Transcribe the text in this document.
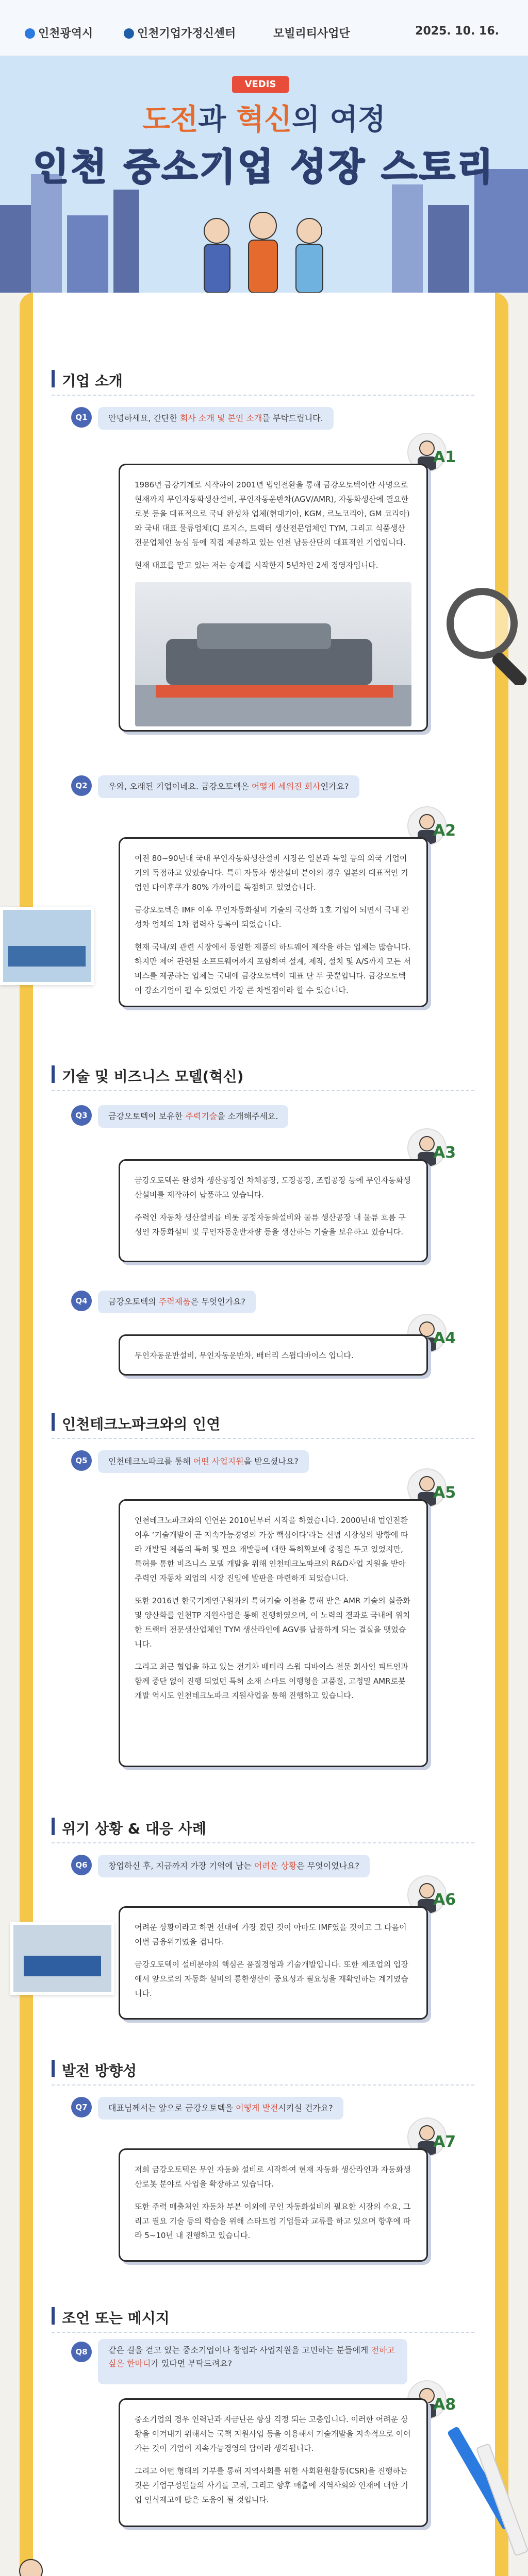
인천광역시	인천기업가정신센터	모빌리티사업단	2025. 10. 16.
VEDIS
도전과 혁신의 여정
인천 중소기업 성장 스토리
기업 소개
Q1	안녕하세요, 간단한 회사 소개 및 본인 소개를 부탁드립니다.
A1

1986년 금강기계로 시작하여 2001년 법인전환을 통해 금강오토텍이란 사명으로 현재까지 무인자동화생산설비, 무인자동운반차(AGV/AMR), 자동화생산에 필요한 로봇 등을 대표적으로 국내 완성차 업체(현대기아, KGM, 르노코리아, GM 코리아)와 국내 대표 물류업체(CJ 로지스, 트랙터 생산전문업체인 TYM, 그리고 식품생산 전문업체인 농심 등에 직접 제공하고 있는 인천 남동산단의 대표적인 기업입니다.

현재 대표를 맡고 있는 저는 승계를 시작한지 5년차인 2세 경영자입니다.

Q2	우와, 오래된 기업이네요. 금강오토텍은 어떻게 세워진 회사인가요?
A2

이전 80~90년대 국내 무인자동화생산설비 시장은 일본과 독일 등의 외국 기업이 거의 독점하고 있었습니다. 특히 자동차 생산설비 분야의 경우 일본의 대표적인 기업인 다이후쿠가 80% 가까이를 독점하고 있었습니다.

금강오토텍은 IMF 이후 무인자동화설비 기술의 국산화 1호 기업이 되면서 국내 완성차 업체의 1차 협력사 등록이 되었습니다.

현재 국내/외 관련 시장에서 동일한 제품의 하드웨어 제작을 하는 업체는 많습니다. 하지만 제어 관련된 소프트웨어까지 포함하여 설계, 제작, 설치 및 A/S까지 모든 서비스를 제공하는 업체는 국내에 금강오토텍이 대표 단 두 곳뿐입니다. 금강오토텍이 강소기업이 될 수 있었던 가장 큰 차별점이라 할 수 있습니다.

기술 및 비즈니스 모델(혁신)
Q3	금강오토텍이 보유한 주력기술을 소개해주세요.
A3

금강오토텍은 완성차 생산공장인 차체공장, 도장공장, 조립공장 등에 무인자동화생산설비를 제작하여 납품하고 있습니다.

주력인 자동차 생산설비를 비롯 공정자동화설비와 물류 생산공장 내 물류 흐름 구성인 자동화설비 및 무인자동운반차량 등을 생산하는 기술을 보유하고 있습니다.

Q4	금강오토텍의 주력제품은 무엇인가요?
A4

무인자동운반설비, 무인자동운반차, 배터리 스윕디바이스 입니다.

인천테크노파크와의 인연
Q5	인천테크노파크를 통해 어떤 사업지원을 받으셨나요?
A5

인천테크노파크와의 인연은 2010년부터 시작을 하였습니다. 2000년대 법인전환 이후 ‘기술개발이 곧 지속가능경영의 가장 핵심이다’라는 신념 시장성의 방향에 따라 개발된 제품의 특허 및 필요 개발등에 대한 특허확보에 중점을 두고 있었지만, 특허를 통한 비즈니스 모델 개발을 위해 인천테크노파크의 R&D사업 지원을 받아 주력인 자동차 외업의 시장 진입에 발판을 마련하게 되었습니다.

또한 2016년 한국기계연구원과의 특허기술 이전을 통해 받은 AMR 기술의 실증화 및 양산화를 인천TP 지원사업을 통해 진행하였으며, 이 노력의 결과로 국내에 위치한 트랙터 전문생산업체인 TYM 생산라인에 AGV를 납품하게 되는 결실을 맺었습니다.

그리고 최근 협업을 하고 있는 전기차 배터리 스윕 디바이스 전문 회사인 피트인과 함께 중단 없이 진행 되었던 특허 소재 스마트 이행형을 고품질, 고정밀 AMR로봇 개발 역시도 인천테크노파크 지원사업을 통해 진행하고 있습니다.

위기 상황 & 대응 사례
Q6	창업하신 후, 지금까지 가장 기억에 남는 어려운 상황은 무엇이었나요?
A6

어려운 상황이라고 하면 선대에 가장 컸던 것이 아마도 IMF였을 것이고 그 다음이 이번 금융위기였을 겁니다.

금강오토텍이 설비분야의 핵심은 품질경영과 기술개발입니다. 또한 제조업의 입장에서 앞으로의 자동화 설비의 통한생산이 중요성과 필요성을 재확인하는 계기였습니다.

발전 방향성
Q7	대표님께서는 앞으로 금강오토텍을 어떻게 발전시키실 건가요?
A7

저희 금강오토텍은 무인 자동화 설비로 시작하여 현재 자동화 생산라인과 자동화생산로봇 분야로 사업을 확장하고 있습니다.

또한 주력 매출처인 자동차 부분 이외에 무인 자동화설비의 필요한 시장의 수요, 그리고 필요 기술 등의 학습을 위해 스타트업 기업들과 교류를 하고 있으며 향후에 따라 5~10년 내 진행하고 있습니다.

조언 또는 메시지
Q8	같은 길을 걷고 있는 중소기업이나 창업과 사업지원을 고민하는 분들에게 전하고 싶은 한마디가 있다면 부탁드려요?
A8

중소기업의 경우 인력난과 자금난은 항상 걱정 되는 고충입니다. 이러한 어려운 상황을 이겨내기 위해서는 국책 지원사업 등을 이용해서 기술개발을 지속적으로 이어 가는 것이 기업이 지속가능경영의 답이라 생각됩니다.

그리고 어떤 형태의 기부를 통해 지역사회를 위한 사회환원활동(CSR)을 진행하는 것은 기업구성원들의 사기를 고취, 그리고 향후 매출에 지역사회와 인재에 대한 기업 인식제고에 많은 도움이 될 것입니다.
